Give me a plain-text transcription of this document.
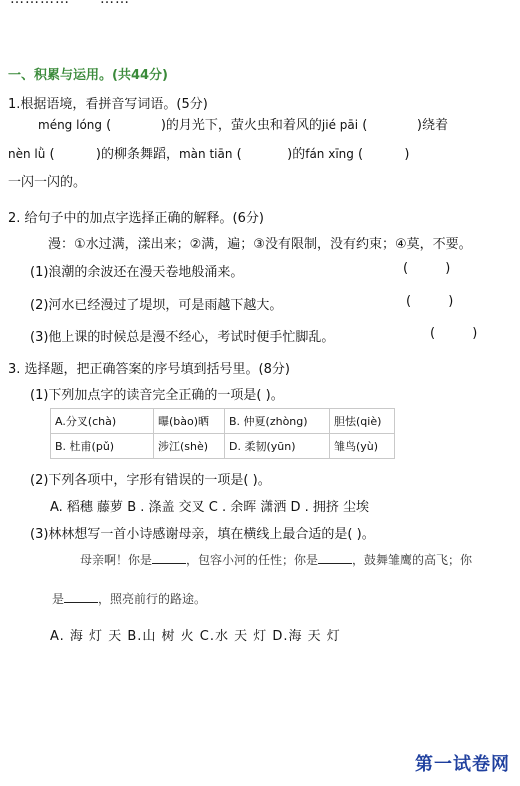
一、积累与运用。(共44分)
1.根据语境，看拼音写词语。(5分)
méng lóng (            )的月光下，萤火虫和着风的jié pāi (            )绕着
nèn lǜ (          )的柳条舞蹈，màn tiān (           )的fán xīng (          )
一闪一闪的。
2. 给句子中的加点字选择正确的解释。(6分)
漫：①水过满，漾出来；②满，遍；③没有限制，没有约束；④莫，不要。
(1)浪潮的余波还在漫天卷地般涌来。	(         )
(2)河水已经漫过了堤坝，可是雨越下越大。	(         )
(3)他上课的时候总是漫不经心，考试时便手忙脚乱。	(         )
3. 选择题，把正确答案的序号填到括号里。(8分)
(1)下列加点字的读音完全正确的一项是( )。
A.分叉(chà)	曝(bào)晒	B. 仲夏(zhòng)	胆怯(qiè)
B. 杜甫(pǔ)	涉江(shè)	D. 柔韧(yūn)	雏鸟(yù)
(2)下列各项中，字形有错误的一项是( )。
A. 稻穗 藤萝 B . 涤盖 交叉 C . 余晖 潇洒 D . 拥挤 尘埃
(3)林林想写一首小诗感谢母亲，填在横线上最合适的是( )。
母亲啊！你是	，包容小河的任性；你是	，鼓舞雏鹰的高飞；你
是	，照亮前行的路途。
A. 海 灯 天 B.山 树 火 C.水 天 灯 D.海 天 灯
第一试卷网
